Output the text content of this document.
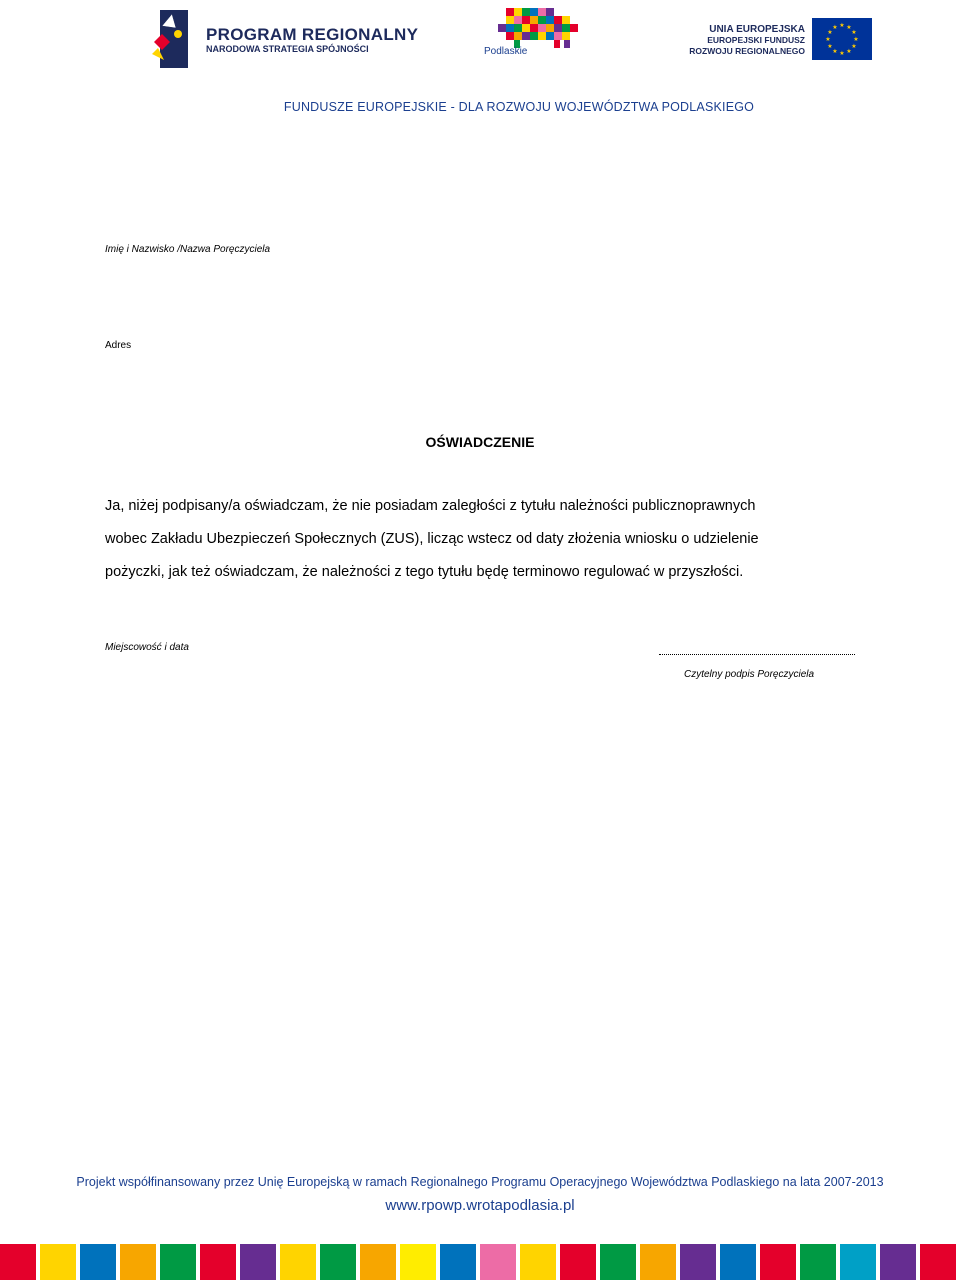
PROGRAM REGIONALNY
NARODOWA STRATEGIA SPÓJNOŚCI	Podlaskie
UNIA EUROPEJSKA
EUROPEJSKI FUNDUSZ
ROZWOJU REGIONALNEGO
★ ★
★
★
★
★
★
★
★
★
★
★
FUNDUSZE EUROPEJSKIE - DLA ROZWOJU WOJEWÓDZTWA PODLASKIEGO
Imię i Nazwisko /Nazwa Poręczyciela
Adres
OŚWIADCZENIE
Ja, niżej podpisany/a oświadczam, że nie posiadam zaległości z tytułu należności publicznoprawnych
wobec Zakładu Ubezpieczeń Społecznych (ZUS), licząc wstecz od daty złożenia wniosku o udzielenie
pożyczki, jak też oświadczam, że należności z tego tytułu będę terminowo regulować w przyszłości.
Miejscowość i data
Czytelny podpis Poręczyciela
Projekt współfinansowany przez Unię Europejską w ramach Regionalnego Programu Operacyjnego Województwa Podlaskiego na lata 2007-2013
www.rpowp.wrotapodlasia.pl
